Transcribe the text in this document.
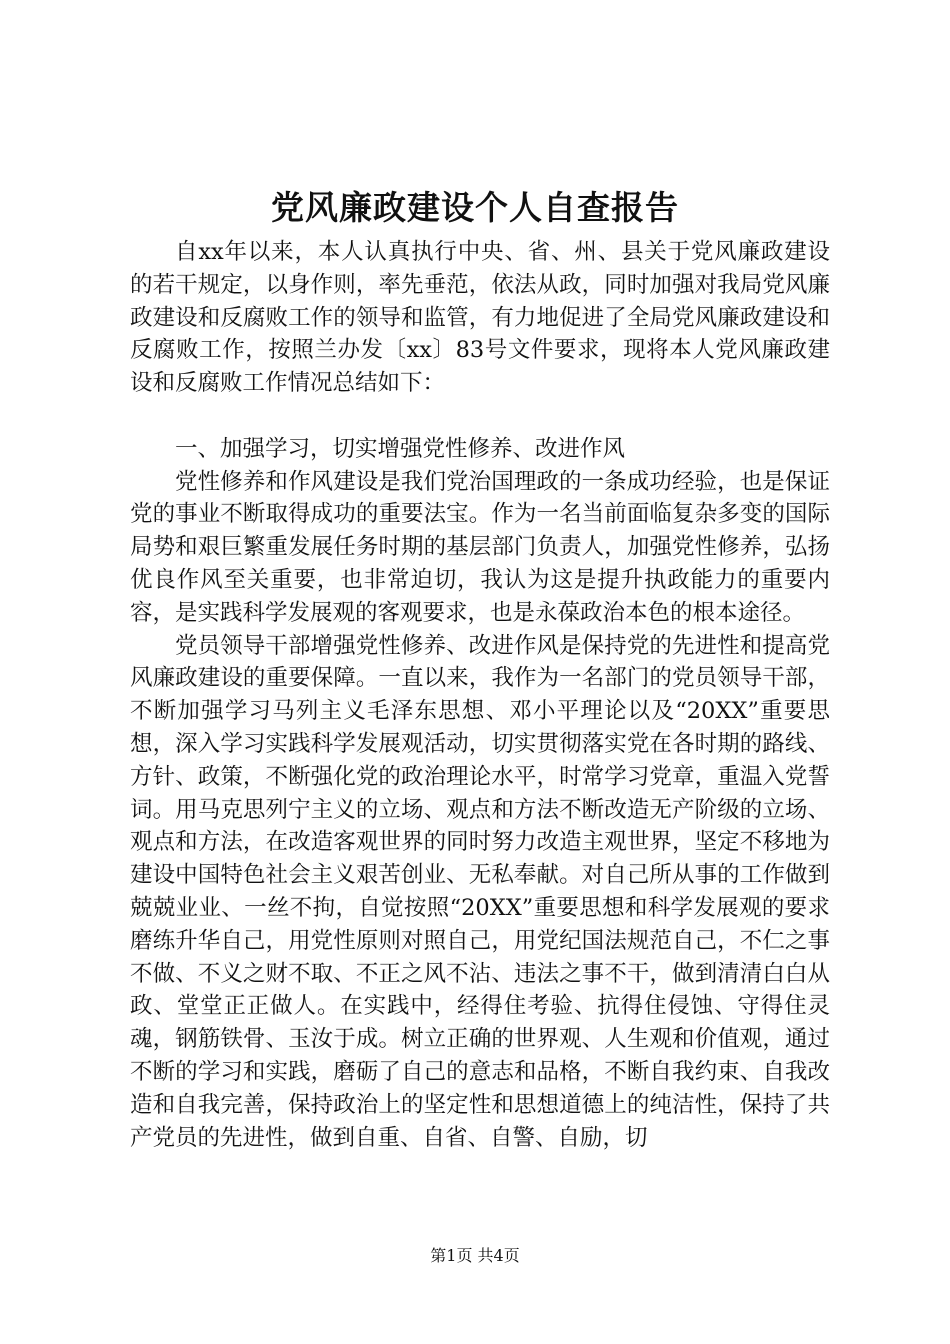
党风廉政建设个人自查报告

自xx年以来，本人认真执行中央、省、州、县关于党风廉政建设的若干规定，以身作则，率先垂范，依法从政，同时加强对我局党风廉政建设和反腐败工作的领导和监管，有力地促进了全局党风廉政建设和反腐败工作，按照兰办发〔xx〕83号文件要求，现将本人党风廉政建设和反腐败工作情况总结如下：

一、加强学习，切实增强党性修养、改进作风

党性修养和作风建设是我们党治国理政的一条成功经验，也是保证党的事业不断取得成功的重要法宝。作为一名当前面临复杂多变的国际局势和艰巨繁重发展任务时期的基层部门负责人，加强党性修养，弘扬优良作风至关重要，也非常迫切，我认为这是提升执政能力的重要内容，是实践科学发展观的客观要求，也是永葆政治本色的根本途径。

党员领导干部增强党性修养、改进作风是保持党的先进性和提高党风廉政建设的重要保障。一直以来，我作为一名部门的党员领导干部，不断加强学习马列主义毛泽东思想、邓小平理论以及“20XX”重要思想，深入学习实践科学发展观活动，切实贯彻落实党在各时期的路线、方针、政策，不断强化党的政治理论水平，时常学习党章，重温入党誓词。用马克思列宁主义的立场、观点和方法不断改造无产阶级的立场、观点和方法，在改造客观世界的同时努力改造主观世界，坚定不移地为建设中国特色社会主义艰苦创业、无私奉献。对自己所从事的工作做到兢兢业业、一丝不拘，自觉按照“20XX”重要思想和科学发展观的要求磨练升华自己，用党性原则对照自己，用党纪国法规范自己，不仁之事不做、不义之财不取、不正之风不沾、违法之事不干，做到清清白白从政、堂堂正正做人。在实践中，经得住考验、抗得住侵蚀、守得住灵魂，钢筋铁骨、玉汝于成。树立正确的世界观、人生观和价值观，通过不断的学习和实践，磨砺了自己的意志和品格，不断自我约束、自我改造和自我完善，保持政治上的坚定性和思想道德上的纯洁性，保持了共产党员的先进性，做到自重、自省、自警、自励，切

第1页 共4页
